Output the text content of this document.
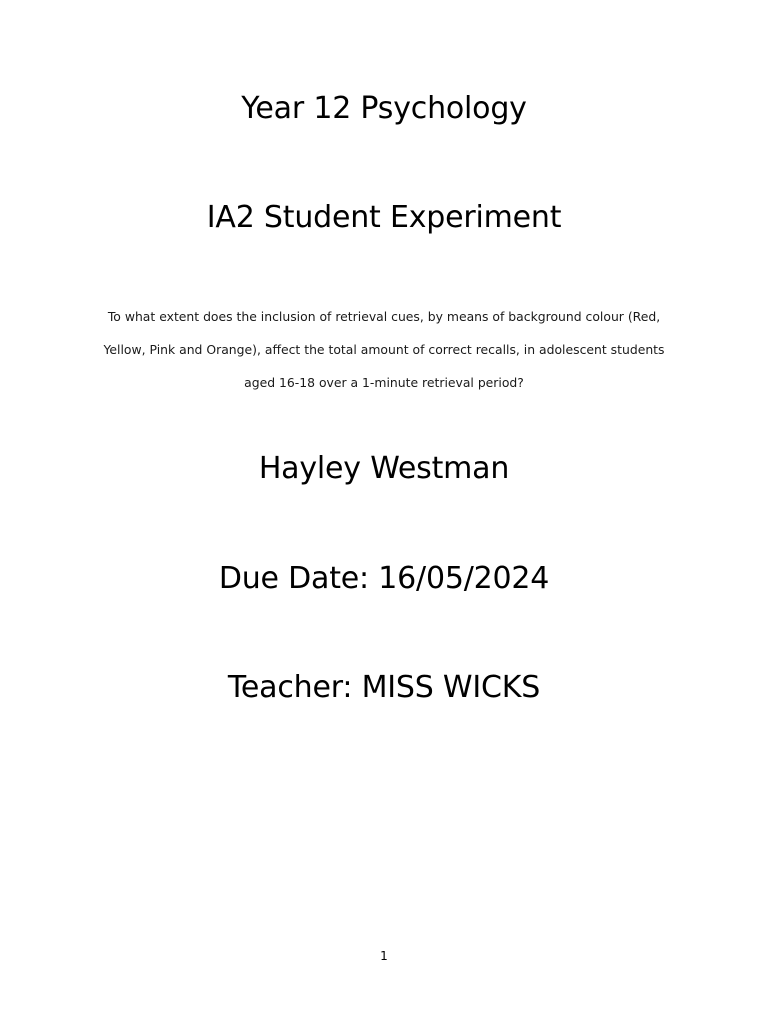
Year 12 Psychology
IA2 Student Experiment

To what extent does the inclusion of retrieval cues, by means of background colour (Red, Yellow, Pink and Orange), affect the total amount of correct recalls, in adolescent students aged 16-18 over a 1-minute retrieval period?

Hayley Westman

Due Date: 16/05/2024

Teacher: MISS WICKS

1
